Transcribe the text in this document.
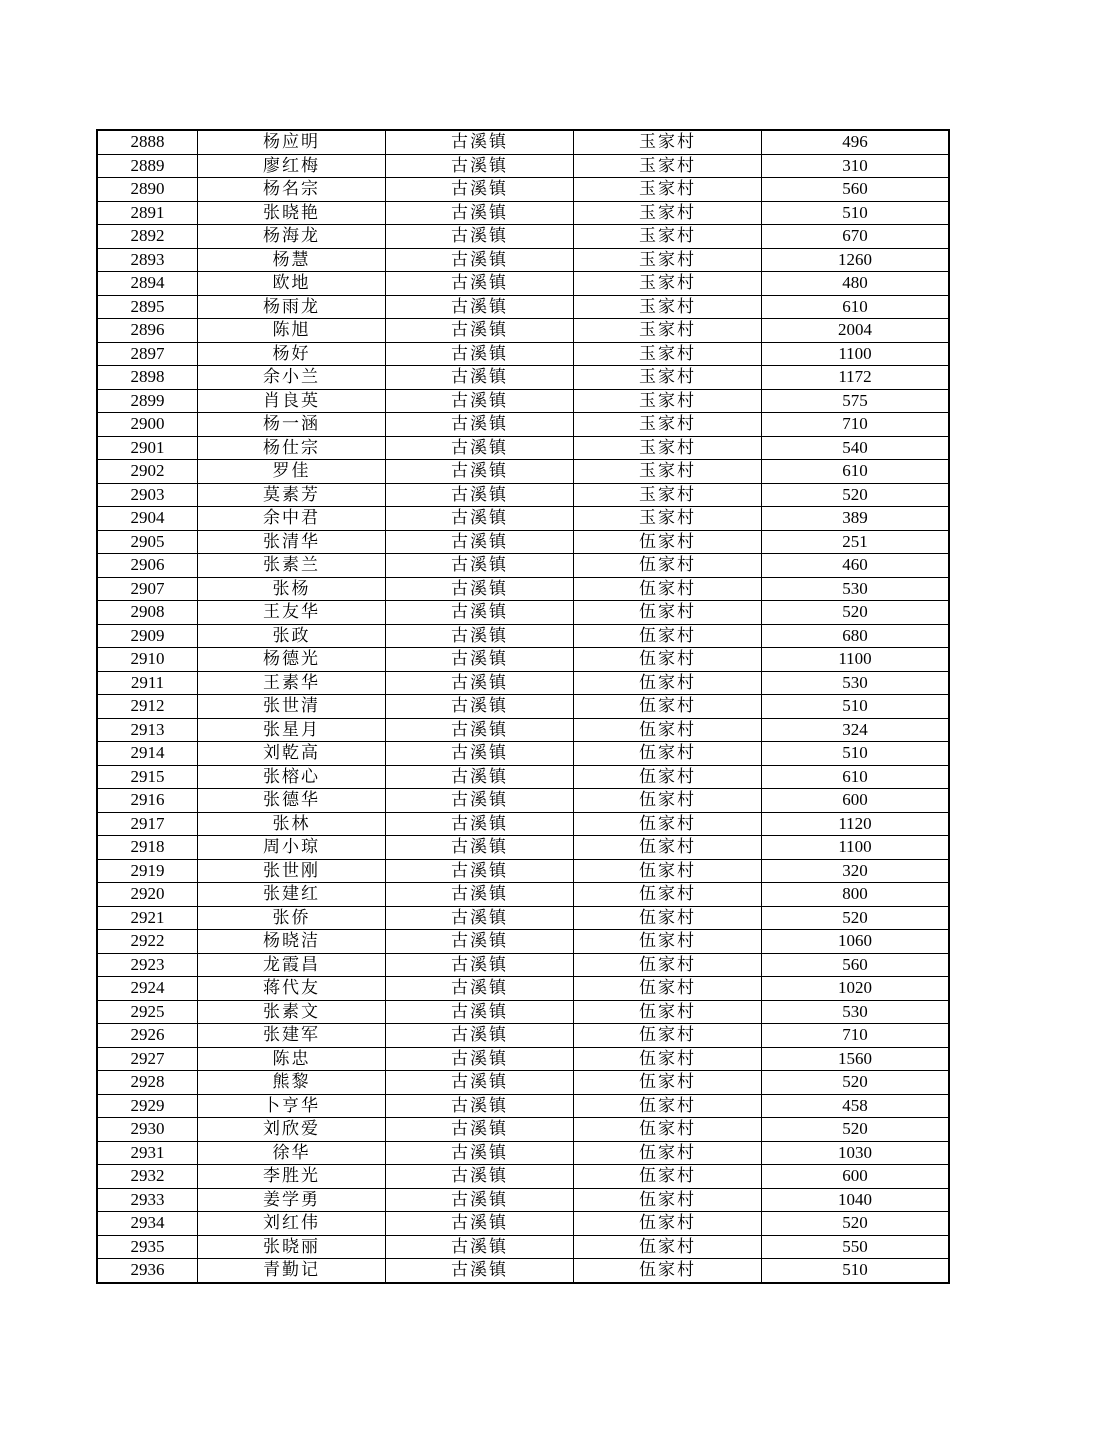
2888	杨应明	古溪镇	玉家村	496
2889	廖红梅	古溪镇	玉家村	310
2890	杨名宗	古溪镇	玉家村	560
2891	张晓艳	古溪镇	玉家村	510
2892	杨海龙	古溪镇	玉家村	670
2893	杨慧	古溪镇	玉家村	1260
2894	欧地	古溪镇	玉家村	480
2895	杨雨龙	古溪镇	玉家村	610
2896	陈旭	古溪镇	玉家村	2004
2897	杨好	古溪镇	玉家村	1100
2898	余小兰	古溪镇	玉家村	1172
2899	肖良英	古溪镇	玉家村	575
2900	杨一涵	古溪镇	玉家村	710
2901	杨仕宗	古溪镇	玉家村	540
2902	罗佳	古溪镇	玉家村	610
2903	莫素芳	古溪镇	玉家村	520
2904	余中君	古溪镇	玉家村	389
2905	张清华	古溪镇	伍家村	251
2906	张素兰	古溪镇	伍家村	460
2907	张杨	古溪镇	伍家村	530
2908	王友华	古溪镇	伍家村	520
2909	张政	古溪镇	伍家村	680
2910	杨德光	古溪镇	伍家村	1100
2911	王素华	古溪镇	伍家村	530
2912	张世清	古溪镇	伍家村	510
2913	张星月	古溪镇	伍家村	324
2914	刘乾高	古溪镇	伍家村	510
2915	张榕心	古溪镇	伍家村	610
2916	张德华	古溪镇	伍家村	600
2917	张林	古溪镇	伍家村	1120
2918	周小琼	古溪镇	伍家村	1100
2919	张世刚	古溪镇	伍家村	320
2920	张建红	古溪镇	伍家村	800
2921	张侨	古溪镇	伍家村	520
2922	杨晓洁	古溪镇	伍家村	1060
2923	龙霞昌	古溪镇	伍家村	560
2924	蒋代友	古溪镇	伍家村	1020
2925	张素文	古溪镇	伍家村	530
2926	张建军	古溪镇	伍家村	710
2927	陈忠	古溪镇	伍家村	1560
2928	熊黎	古溪镇	伍家村	520
2929	卜亨华	古溪镇	伍家村	458
2930	刘欣爱	古溪镇	伍家村	520
2931	徐华	古溪镇	伍家村	1030
2932	李胜光	古溪镇	伍家村	600
2933	姜学勇	古溪镇	伍家村	1040
2934	刘红伟	古溪镇	伍家村	520
2935	张晓丽	古溪镇	伍家村	550
2936	青勤记	古溪镇	伍家村	510
